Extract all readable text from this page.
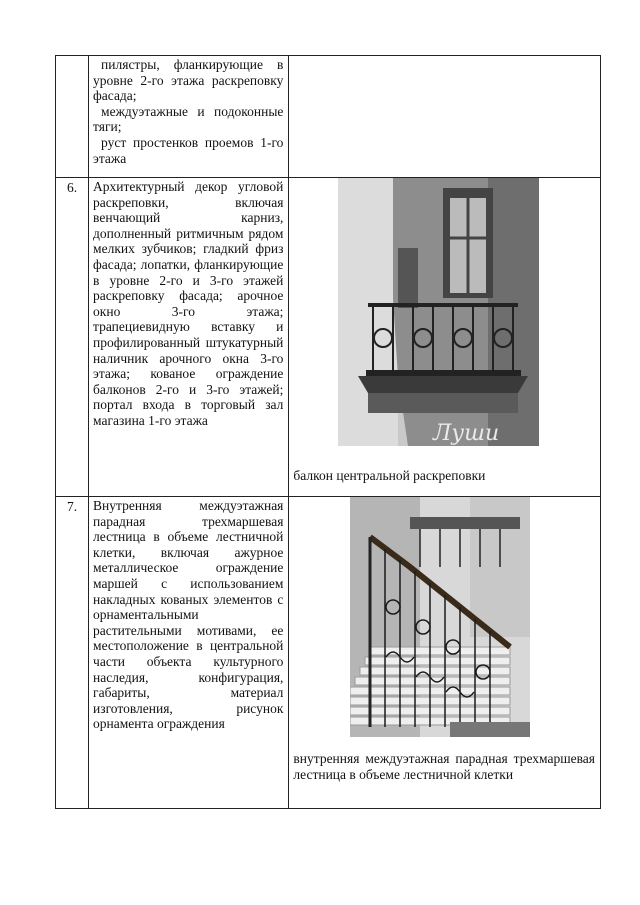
	пилястры, фланкирующие в уровне 2-го этажа раскреповку фасада;

междуэтажные и подоконные тяги;

руст простенков проемов 1-го этажа	

6.	Архитектурный декор угловой раскреповки, включая венчающий карниз, дополненный ритмичным рядом мелких зубчиков; гладкий фриз фасада; лопатки, фланкирующие в уровне 2-го и 3-го этажей раскреповку фасада; арочное окно 3-го этажа; трапециевидную вставку и профилированный штукатурный наличник арочного окна 3-го этажа; кованое ограждение балконов 2-го и 3-го этажей; портал входа в торговый зал магазина 1-го этажа	Луши
балкон центральной раскреповки

7.	Внутренняя междуэтажная парадная трехмаршевая лестница в объеме лестничной клетки, включая ажурное металлическое ограждение маршей с использованием накладных кованых элементов с орнаментальными растительными мотивами, ее местоположение в центральной части объекта культурного наследия, конфигурация, габариты, материал изготовления, рисунок орнамента ограждения	внутренняя междуэтажная парадная трехмаршевая лестница в объеме лестничной клетки
